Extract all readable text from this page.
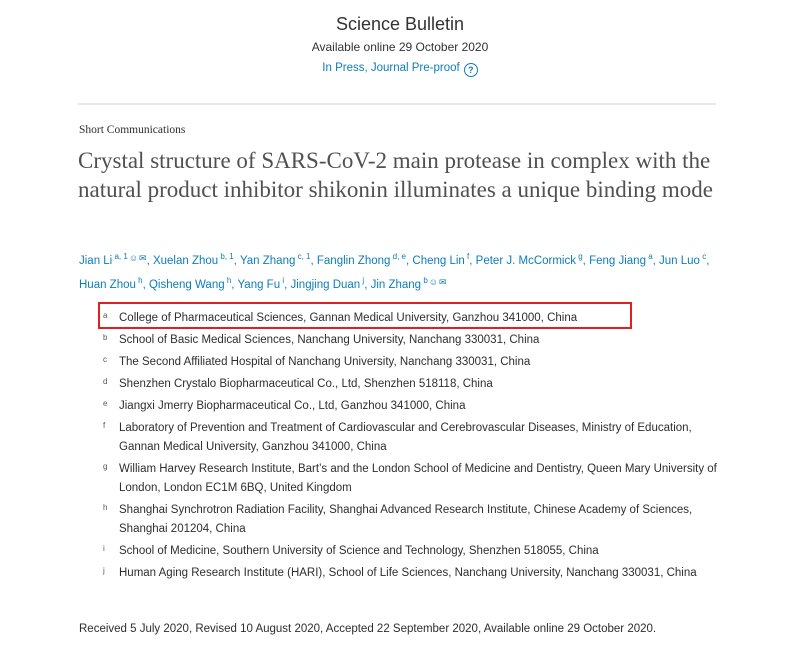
Science Bulletin
Available online 29 October 2020
In Press, Journal Pre-proof ?
Short Communications
Crystal structure of SARS-CoV-2 main protease in complex with the natural product inhibitor shikonin illuminates a unique binding mode
Jian Li $^{a, 1}$☺✉, Xuelan Zhou $^{b, 1}$, Yan Zhang $^{c, 1}$, Fanglin Zhong $^{d, e}$, Cheng Lin $^f$, Peter J. McCormick $^g$, Feng Jiang $^a$, Jun Luo $^c$, Huan Zhou $^h$, Qisheng Wang $^h$, Yang Fu $^i$, Jingjing Duan $^j$, Jin Zhang $^b$☺✉
a College of Pharmaceutical Sciences, Gannan Medical University, Ganzhou 341000, China
b School of Basic Medical Sciences, Nanchang University, Nanchang 330031, China
c The Second Affiliated Hospital of Nanchang University, Nanchang 330031, China
d Shenzhen Crystalo Biopharmaceutical Co., Ltd, Shenzhen 518118, China
e Jiangxi Jmerry Biopharmaceutical Co., Ltd, Ganzhou 341000, China
f Laboratory of Prevention and Treatment of Cardiovascular and Cerebrovascular Diseases, Ministry of Education, Gannan Medical University, Ganzhou 341000, China
g William Harvey Research Institute, Bart’s and the London School of Medicine and Dentistry, Queen Mary University of London, London EC1M 6BQ, United Kingdom
h Shanghai Synchrotron Radiation Facility, Shanghai Advanced Research Institute, Chinese Academy of Sciences, Shanghai 201204, China
i School of Medicine, Southern University of Science and Technology, Shenzhen 518055, China
j Human Aging Research Institute (HARI), School of Life Sciences, Nanchang University, Nanchang 330031, China
Received 5 July 2020, Revised 10 August 2020, Accepted 22 September 2020, Available online 29 October 2020.
